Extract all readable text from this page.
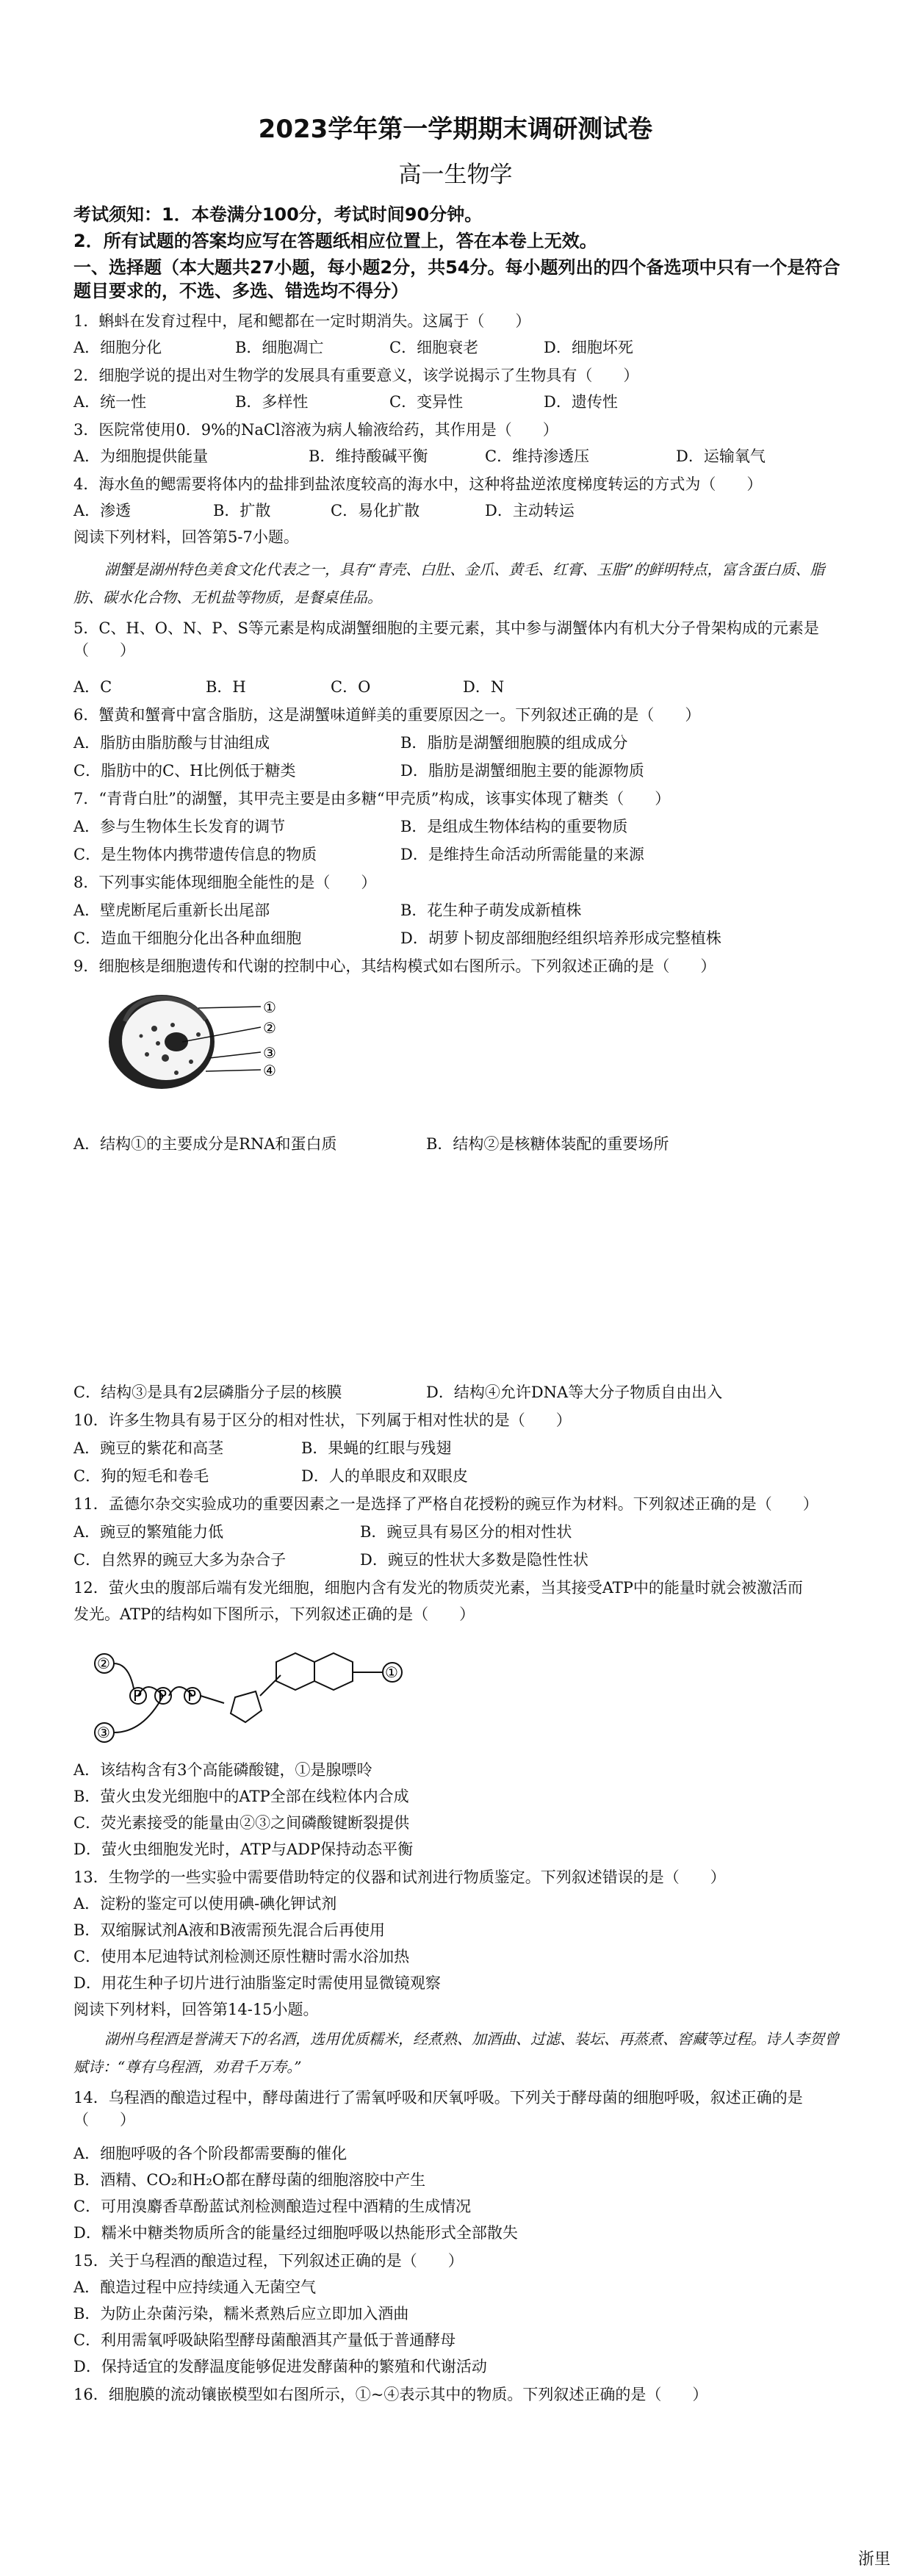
2023学年第一学期期末调研测试卷
高一生物学
考试须知：1．本卷满分100分，考试时间90分钟。
2．所有试题的答案均应写在答题纸相应位置上，答在本卷上无效。
一、选择题（本大题共27小题，每小题2分，共54分。每小题列出的四个备选项中只有一个是符合题目要求的，不选、多选、错选均不得分）
1．蝌蚪在发育过程中，尾和鳃都在一定时期消失。这属于（　　）
A．细胞分化	B．细胞凋亡	C．细胞衰老	D．细胞坏死
2．细胞学说的提出对生物学的发展具有重要意义，该学说揭示了生物具有（　　）
A．统一性	B．多样性	C．变异性	D．遗传性
3．医院常使用0．9%的NaCl溶液为病人输液给药，其作用是（　　）
A．为细胞提供能量	B．维持酸碱平衡	C．维持渗透压	D．运输氧气
4．海水鱼的鳃需要将体内的盐排到盐浓度较高的海水中，这种将盐逆浓度梯度转运的方式为（　　）
A．渗透	B．扩散	C．易化扩散	D．主动转运
阅读下列材料，回答第5-7小题。
湖蟹是湖州特色美食文化代表之一，具有“青壳、白肚、金爪、黄毛、红膏、玉脂”的鲜明特点，富含蛋白质、脂肪、碳水化合物、无机盐等物质，是餐桌佳品。
5．C、H、O、N、P、S等元素是构成湖蟹细胞的主要元素，其中参与湖蟹体内有机大分子骨架构成的元素是（　　）
A．C	B．H	C．O	D．N
6．蟹黄和蟹膏中富含脂肪，这是湖蟹味道鲜美的重要原因之一。下列叙述正确的是（　　）
A．脂肪由脂肪酸与甘油组成	B．脂肪是湖蟹细胞膜的组成成分
C．脂肪中的C、H比例低于糖类	D．脂肪是湖蟹细胞主要的能源物质
7．“青背白肚”的湖蟹，其甲壳主要是由多糖“甲壳质”构成，该事实体现了糖类（　　）
A．参与生物体生长发育的调节	B．是组成生物体结构的重要物质
C．是生物体内携带遗传信息的物质	D．是维持生命活动所需能量的来源
8．下列事实能体现细胞全能性的是（　　）
A．壁虎断尾后重新长出尾部	B．花生种子萌发成新植株
C．造血干细胞分化出各种血细胞	D．胡萝卜韧皮部细胞经组织培养形成完整植株
9．细胞核是细胞遗传和代谢的控制中心，其结构模式如右图所示。下列叙述正确的是（　　）
①
②
③
④
A．结构①的主要成分是RNA和蛋白质	B．结构②是核糖体装配的重要场所
C．结构③是具有2层磷脂分子层的核膜	D．结构④允许DNA等大分子物质自由出入
10．许多生物具有易于区分的相对性状，下列属于相对性状的是（　　）
A．豌豆的紫花和高茎	B．果蝇的红眼与残翅
C．狗的短毛和卷毛	D．人的单眼皮和双眼皮
11．孟德尔杂交实验成功的重要因素之一是选择了严格自花授粉的豌豆作为材料。下列叙述正确的是（　　）
A．豌豆的繁殖能力低	B．豌豆具有易区分的相对性状
C．自然界的豌豆大多为杂合子	D．豌豆的性状大多数是隐性性状
12．萤火虫的腹部后端有发光细胞，细胞内含有发光的物质荧光素，当其接受ATP中的能量时就会被激活而
发光。ATP的结构如下图所示，下列叙述正确的是（　　）
②
③
①
P P P
A．该结构含有3个高能磷酸键，①是腺嘌呤
B．萤火虫发光细胞中的ATP全部在线粒体内合成
C．荧光素接受的能量由②③之间磷酸键断裂提供
D．萤火虫细胞发光时，ATP与ADP保持动态平衡
13．生物学的一些实验中需要借助特定的仪器和试剂进行物质鉴定。下列叙述错误的是（　　）
A．淀粉的鉴定可以使用碘-碘化钾试剂
B．双缩脲试剂A液和B液需预先混合后再使用
C．使用本尼迪特试剂检测还原性糖时需水浴加热
D．用花生种子切片进行油脂鉴定时需使用显微镜观察
阅读下列材料，回答第14-15小题。
湖州乌程酒是誉满天下的名酒，选用优质糯米，经煮熟、加酒曲、过滤、装坛、再蒸煮、窖藏等过程。诗人李贺曾赋诗：“尊有乌程酒，劝君千万寿。”
14．乌程酒的酿造过程中，酵母菌进行了需氧呼吸和厌氧呼吸。下列关于酵母菌的细胞呼吸，叙述正确的是（　　）
A．细胞呼吸的各个阶段都需要酶的催化
B．酒精、CO₂和H₂O都在酵母菌的细胞溶胶中产生
C．可用溴麝香草酚蓝试剂检测酿造过程中酒精的生成情况
D．糯米中糖类物质所含的能量经过细胞呼吸以热能形式全部散失
15．关于乌程酒的酿造过程，下列叙述正确的是（　　）
A．酿造过程中应持续通入无菌空气
B．为防止杂菌污染，糯米煮熟后应立即加入酒曲
C．利用需氧呼吸缺陷型酵母菌酿酒其产量低于普通酵母
D．保持适宜的发酵温度能够促进发酵菌种的繁殖和代谢活动
16．细胞膜的流动镶嵌模型如右图所示，①~④表示其中的物质。下列叙述正确的是（　　）
浙里
